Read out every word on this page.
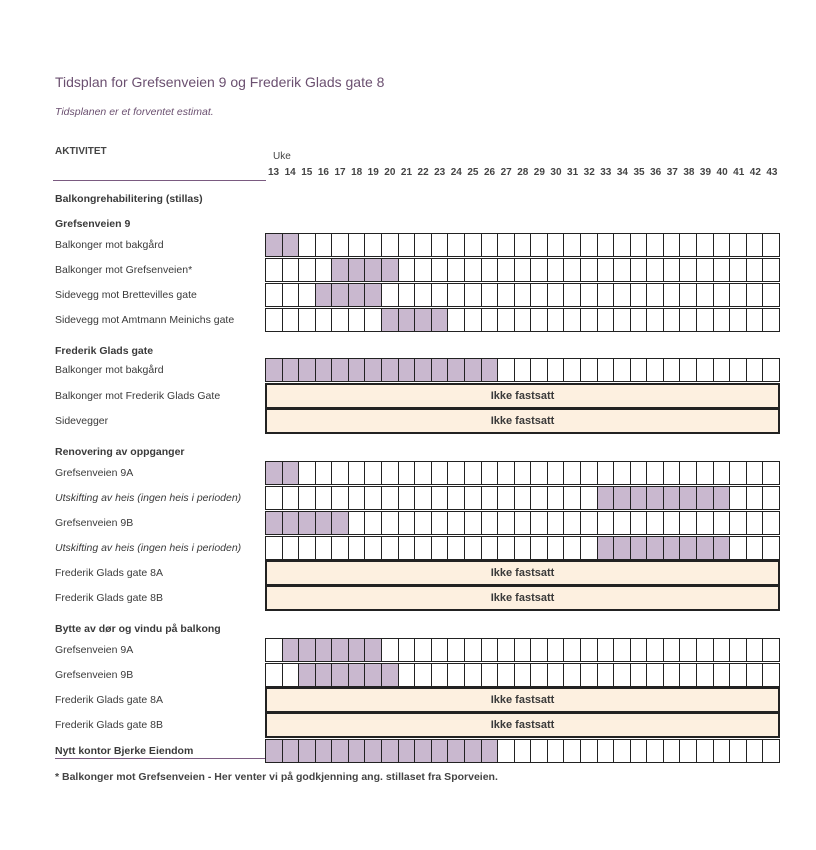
Tidsplan for Grefsenveien 9 og Frederik Glads gate 8
Tidsplanen er et forventet estimat.
AKTIVITET	Uke
13 14 15 16 17 18 19 20 21 22 23 24 25 26 27 28 29 30 31 32 33 34 35 36 37 38 39 40 41 42 43
Balkongrehabilitering (stillas)
Grefsenveien 9
Balkonger mot bakgård
Balkonger mot Grefsenveien*
Sidevegg mot Brettevilles gate
Sidevegg mot Amtmann Meinichs gate
Frederik Glads gate
Balkonger mot bakgård
Balkonger mot Frederik Glads Gate	Ikke fastsatt
Sidevegger	Ikke fastsatt
Renovering av oppganger
Grefsenveien 9A
Utskifting av heis (ingen heis i perioden)
Grefsenveien 9B
Utskifting av heis (ingen heis i perioden)
Frederik Glads gate 8A	Ikke fastsatt
Frederik Glads gate 8B	Ikke fastsatt
Bytte av dør og vindu på balkong
Grefsenveien 9A
Grefsenveien 9B
Frederik Glads gate 8A	Ikke fastsatt
Frederik Glads gate 8B	Ikke fastsatt
Nytt kontor Bjerke Eiendom
* Balkonger mot Grefsenveien - Her venter vi på godkjenning ang. stillaset fra Sporveien.
